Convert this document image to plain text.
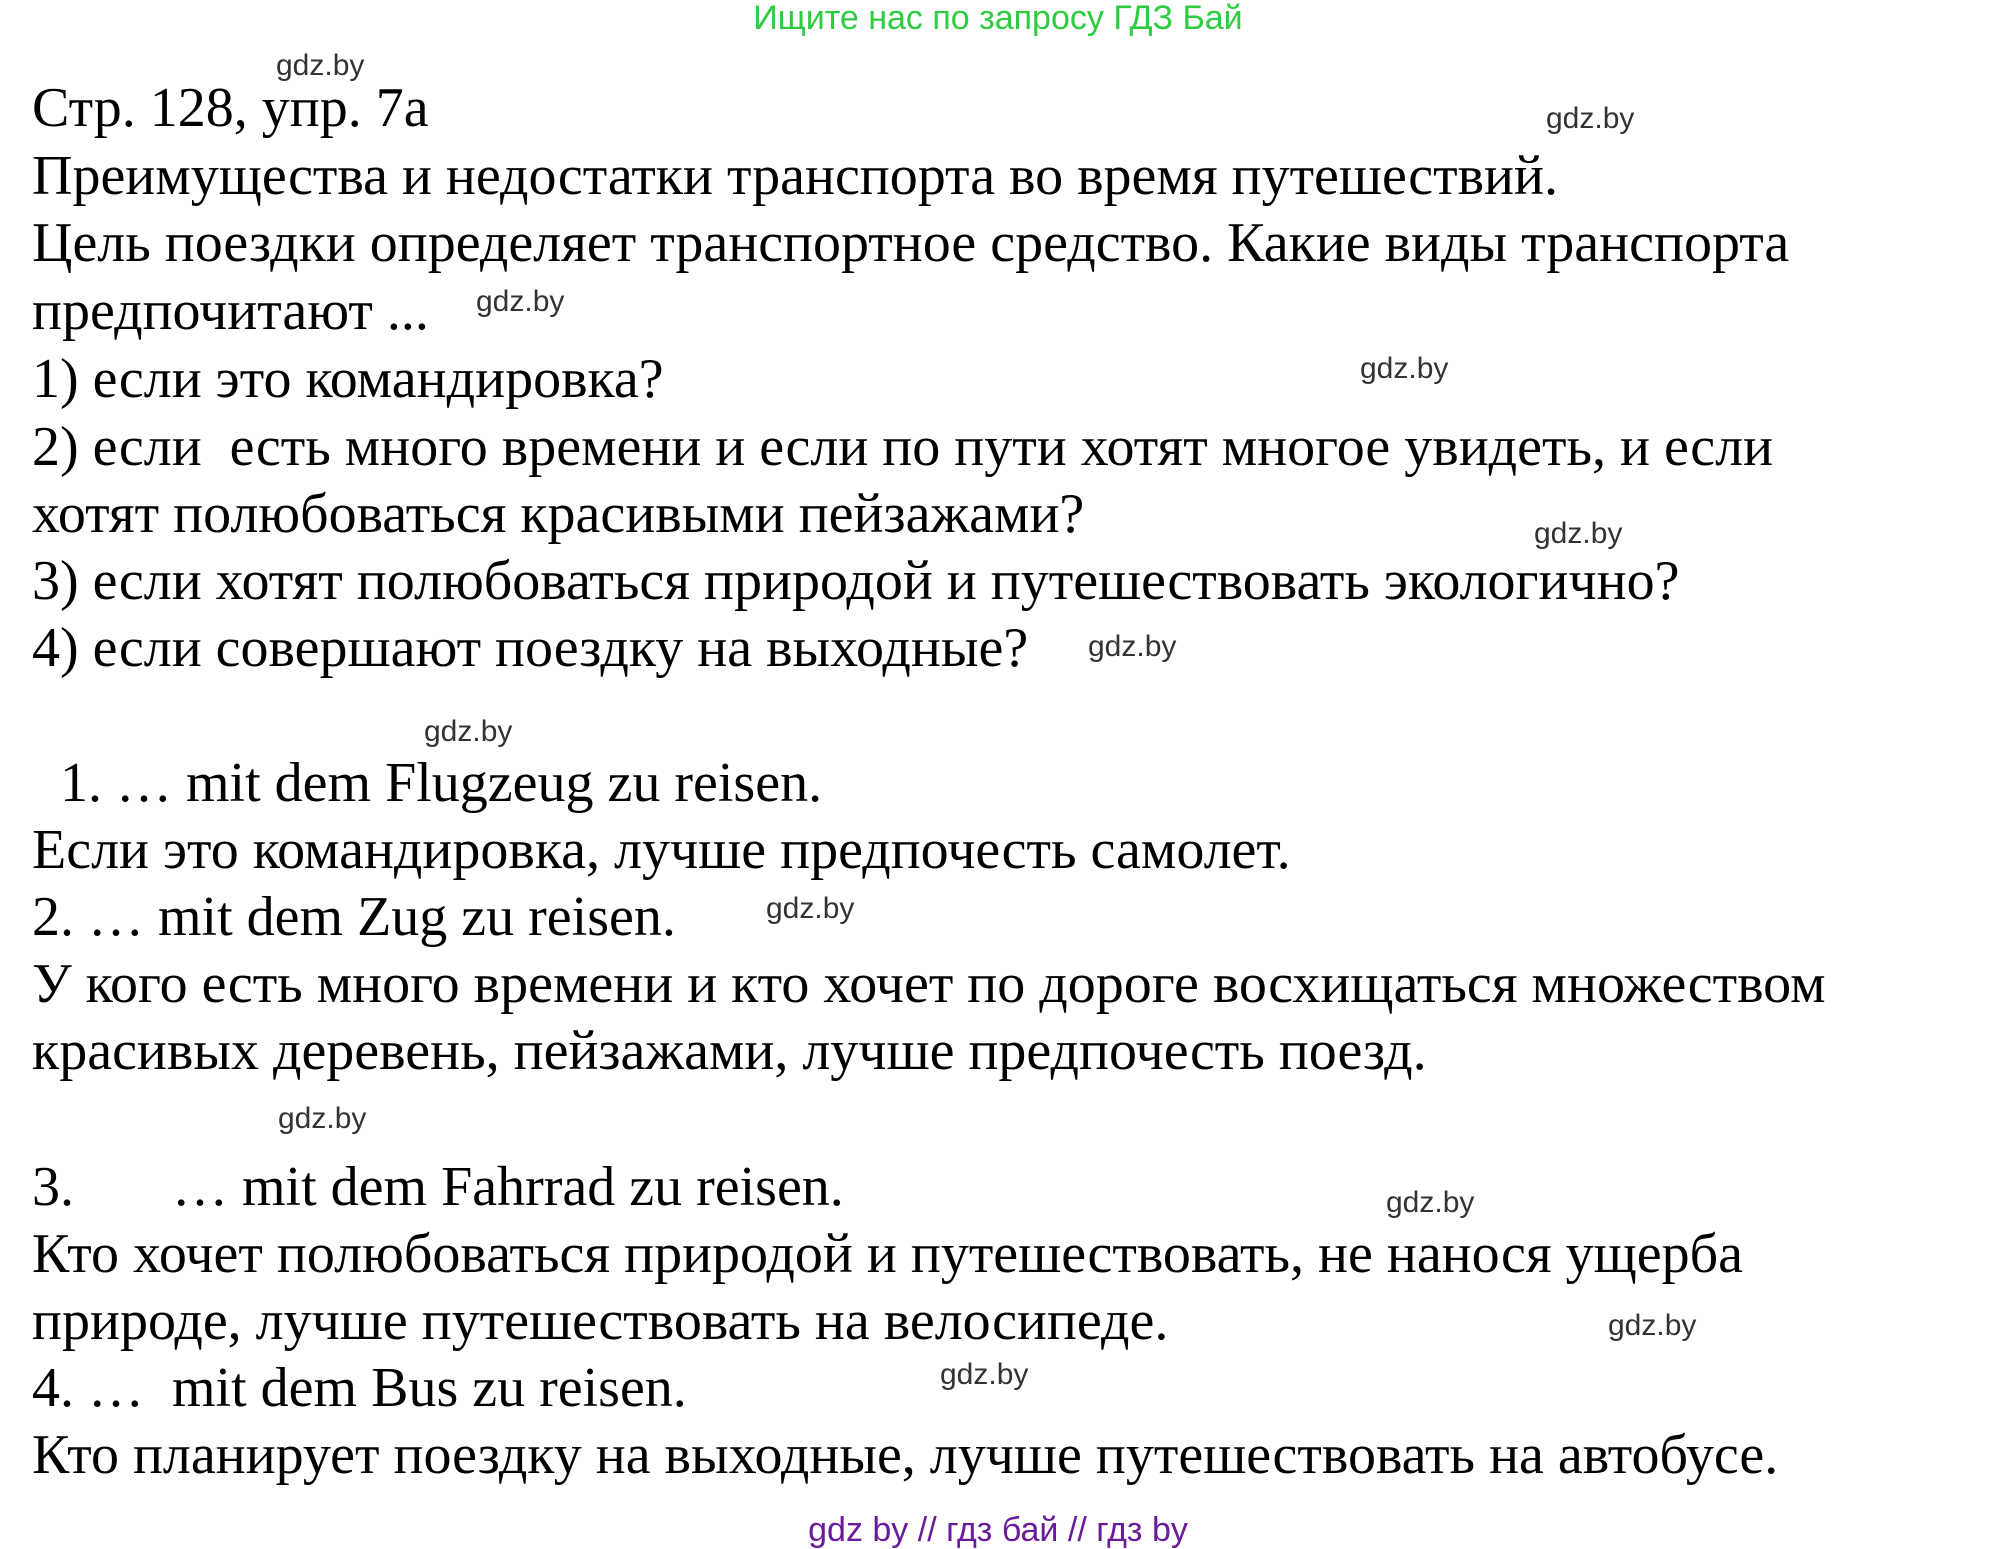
Ищите нас по запросу ГДЗ Бай
Стр. 128, упр. 7а
Преимущества и недостатки транспорта во время путешествий.
Цель поездки определяет транспортное средство. Какие виды транспорта
предпочитают ...
1) если это командировка?
2) если  есть много времени и если по пути хотят многое увидеть, и если
хотят полюбоваться красивыми пейзажами?
3) если хотят полюбоваться природой и путешествовать экологично?
4) если совершают поездку на выходные?
1. … mit dem Flugzeug zu reisen.
Если это командировка, лучше предпочесть самолет.
2. … mit dem Zug zu reisen.
У кого есть много времени и кто хочет по дороге восхищаться множеством
красивых деревень, пейзажами, лучше предпочесть поезд.
3.       … mit dem Fahrrad zu reisen.
Кто хочет полюбоваться природой и путешествовать, не нанося ущерба
природе, лучше путешествовать на велосипеде.
4. …  mit dem Bus zu reisen.
Кто планирует поездку на выходные, лучше путешествовать на автобусе.
gdz.by
gdz.by
gdz.by
gdz.by
gdz.by
gdz.by
gdz.by
gdz.by
gdz.by
gdz.by
gdz.by
gdz.by
gdz by // гдз бай // гдз by
